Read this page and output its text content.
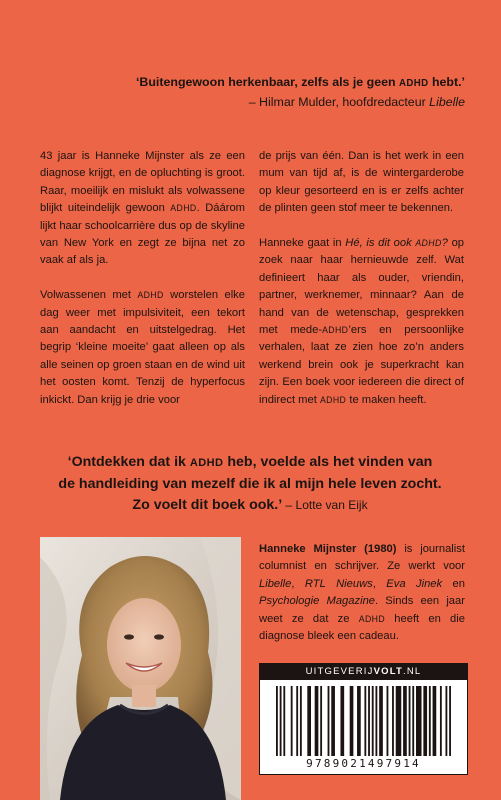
‘Buitengewoon herkenbaar, zelfs als je geen ADHD hebt.’
– Hilmar Mulder, hoofdredacteur Libelle

43 jaar is Hanneke Mijnster als ze een diagnose krijgt, en de opluchting is groot. Raar, moeilijk en mislukt als volwassene blijkt uiteindelijk gewoon ADHD. Dáárom lijkt haar schoolcarrière dus op de skyline van New York en zegt ze bijna net zo vaak af als ja.

Volwassenen met ADHD worstelen elke dag weer met impulsiviteit, een tekort aan aandacht en uitstelgedrag. Het begrip ‘kleine moeite’ gaat alleen op als alle seinen op groen staan en de wind uit het oosten komt. Tenzij de hyperfocus inkickt. Dan krijg je drie voor

de prijs van één. Dan is het werk in een mum van tijd af, is de wintergarderobe op kleur gesorteerd en is er zelfs achter de plinten geen stof meer te bekennen.

Hanneke gaat in Hé, is dit ook ADHD? op zoek naar haar hernieuwde zelf. Wat definieert haar als ouder, vriendin, partner, werknemer, minnaar? Aan de hand van de wetenschap, gesprekken met mede-ADHD’ers en persoonlijke verhalen, laat ze zien hoe zo’n anders werkend brein ook je superkracht kan zijn. Een boek voor iedereen die direct of indirect met ADHD te maken heeft.

‘Ontdekken dat ik ADHD heb, voelde als het vinden van
de handleiding van mezelf die ik al mijn hele leven zocht.
Zo voelt dit boek ook.’ – Lotte van Eijk
Hanneke Mijnster (1980) is journalist columnist en schrijver. Ze werkt voor Libelle, RTL Nieuws, Eva Jinek en Psychologie Magazine. Sinds een jaar weet ze dat ze ADHD heeft en die diagnose bleek een cadeau.
UITGEVERIJVOLT.NL
9789021497914
